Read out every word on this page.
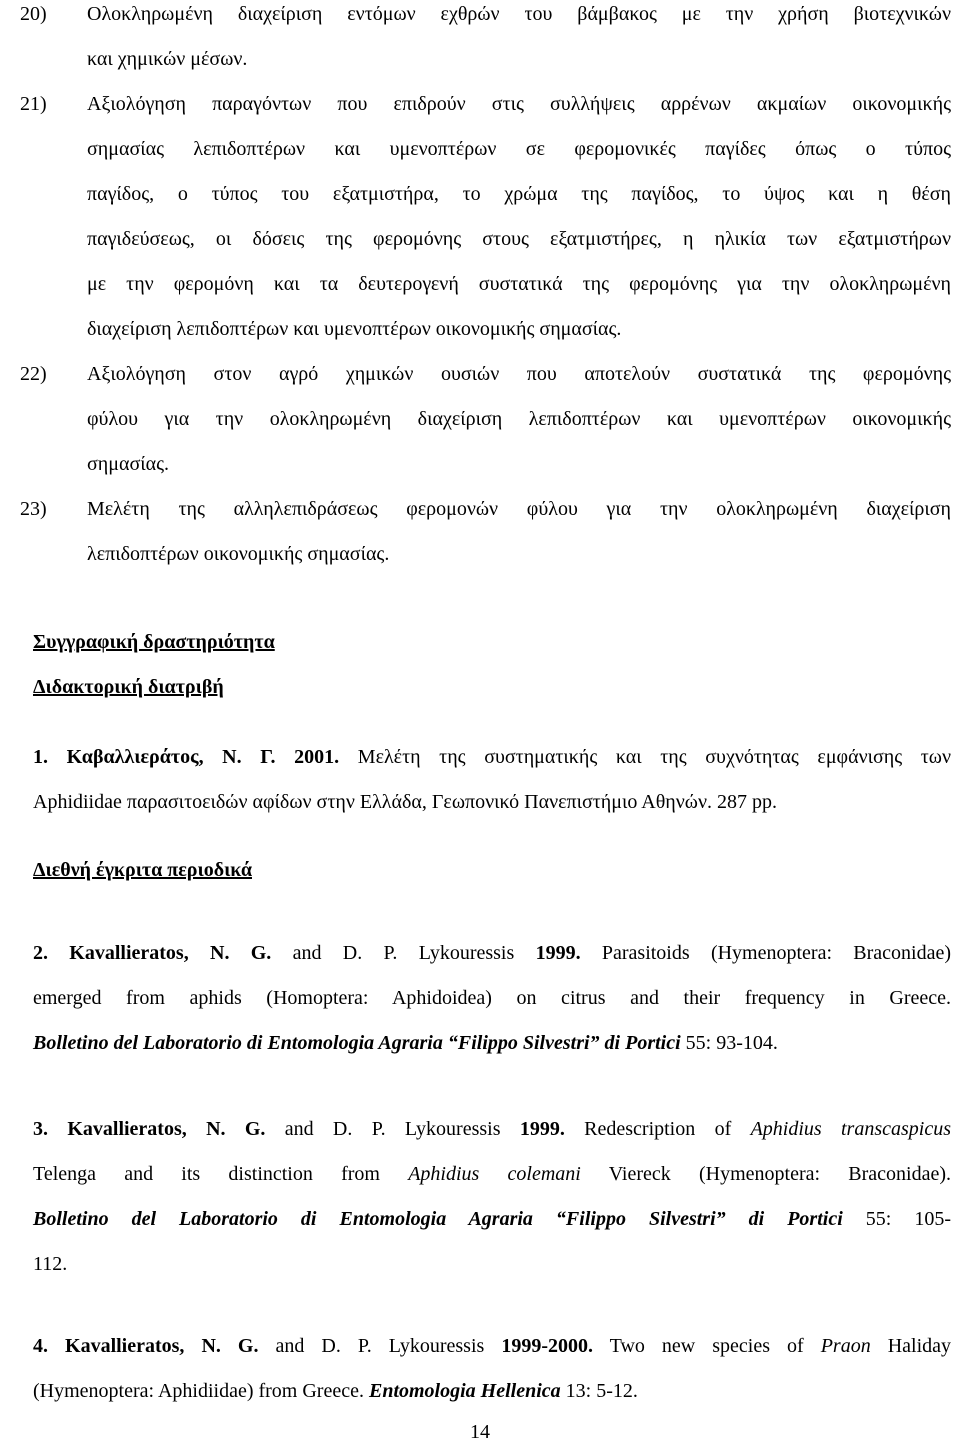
20) Ολοκληρωμένη διαχείριση εντόμων εχθρών του βάμβακος με την χρήση βιοτεχνικών
και χημικών μέσων.
21) Αξιολόγηση παραγόντων που επιδρούν στις συλλήψεις αρρένων ακμαίων οικονομικής
σημασίας λεπιδοπτέρων και υμενοπτέρων σε φερομονικές παγίδες όπως ο τύπος
παγίδος, ο τύπος του εξατμιστήρα, το χρώμα της παγίδος, το ύψος και η θέση
παγιδεύσεως, οι δόσεις της φερομόνης στους εξατμιστήρες, η ηλικία των εξατμιστήρων
με την φερομόνη και τα δευτερογενή συστατικά της φερομόνης για την ολοκληρωμένη
διαχείριση λεπιδοπτέρων και υμενοπτέρων οικονομικής σημασίας.
22) Αξιολόγηση στον αγρό χημικών ουσιών που αποτελούν συστατικά της φερομόνης
φύλου για την ολοκληρωμένη διαχείριση λεπιδοπτέρων και υμενοπτέρων οικονομικής
σημασίας.
23) Μελέτη της αλληλεπιδράσεως φερομονών φύλου για την ολοκληρωμένη διαχείριση
λεπιδοπτέρων οικονομικής σημασίας.
Συγγραφική δραστηριότητα
Διδακτορική διατριβή
1. Καβαλλιεράτος, Ν. Γ. 2001. Μελέτη της συστηματικής και της συχνότητας εμφάνισης των
Aphidiidae παρασιτοειδών αφίδων στην Ελλάδα, Γεωπονικό Πανεπιστήμιο Αθηνών. 287 pp.
Διεθνή έγκριτα περιοδικά
2. Kavallieratos, N. G. and D. P. Lykouressis 1999. Parasitoids (Hymenoptera: Braconidae)
emerged from aphids (Homoptera: Aphidoidea) on citrus and their frequency in Greece.
Bolletino del Laboratorio di Entomologia Agraria “Filippo Silvestri” di Portici 55: 93-104.
3. Kavallieratos, N. G. and D. P. Lykouressis 1999. Redescription of Aphidius transcaspicus
Telenga and its distinction from Aphidius colemani Viereck (Hymenoptera: Braconidae).
Bolletino del Laboratorio di Entomologia Agraria “Filippo Silvestri” di Portici 55: 105-
112.
4. Kavallieratos, N. G. and D. P. Lykouressis 1999-2000. Two new species of Praon Haliday
(Hymenoptera: Aphidiidae) from Greece. Entomologia Hellenica 13: 5-12.
14
